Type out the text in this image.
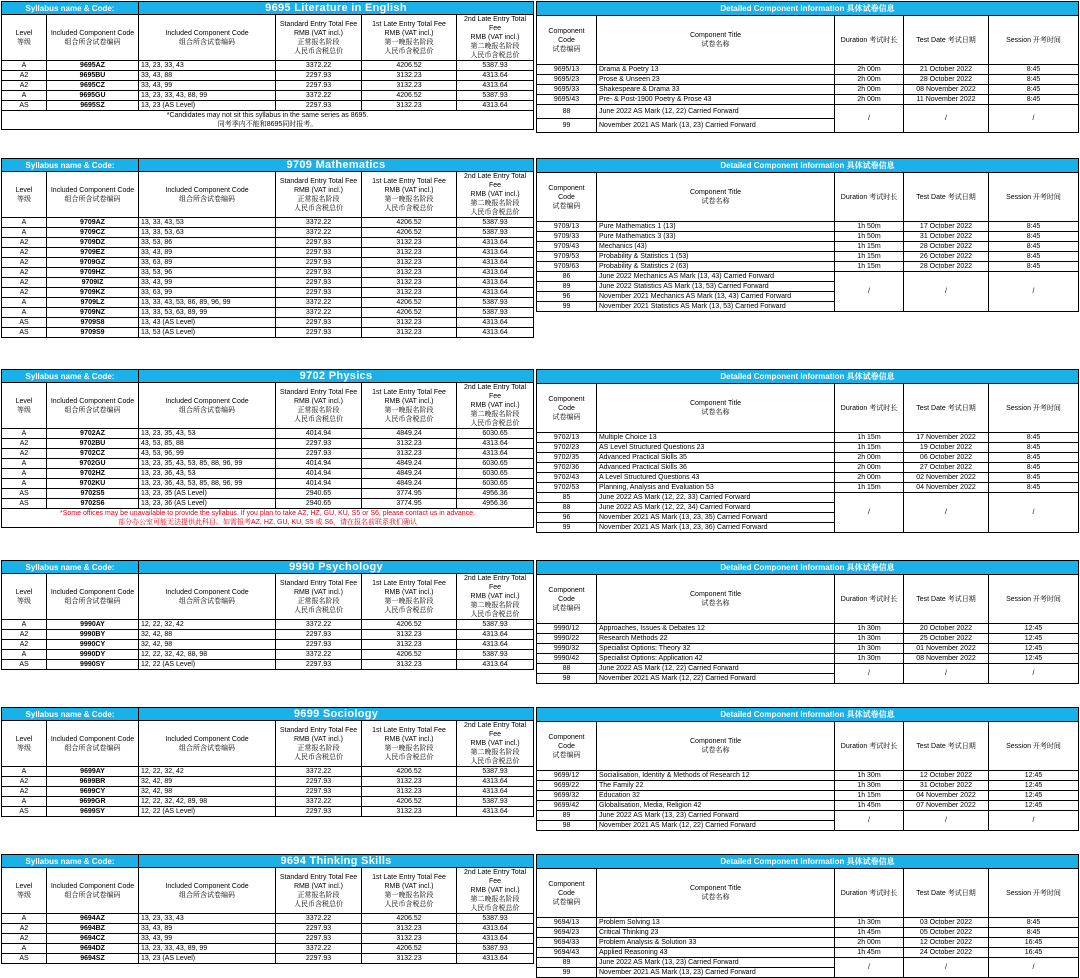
Syllabus name & Code:		9695 Literature in English			
Level
等级	Included Component Code
组合所含试卷编码	Included Component Code
组合所含试卷编码	Standard Entry Total Fee
RMB (VAT incl.)
正常报名阶段
人民币含税总价	1st Late Entry Total Fee
RMB (VAT incl.)
第一晚报名阶段
人民币含税总价	2nd Late Entry Total Fee
RMB (VAT incl.)
第二晚报名阶段
人民币含税总价
A	9695AZ	13, 23, 33, 43	3372.22	4206.52	5387.93
A2	9695BU	33, 43, 88	2297.93	3132.23	4313.64
A2	9695CZ	33, 43, 99	2297.93	3132.23	4313.64
A	9695GU	13, 23, 33, 43, 88, 99	3372.22	4206.52	5387.93
AS	9695SZ	13, 23 (AS Level)	2297.93	3132.23	4313.64
*Candidates may not sit this syllabus in the same series as 8695.					
同考季内不能和8695同时报考。					
Detailed Component Information 具体试卷信息				
Component
Code
试卷编码	Component Title
试卷名称	Duration 考试时长	Test Date 考试日期	Session 开考时间
9695/13	Drama & Poetry 13	2h 00m	21 October 2022	8:45
9695/23	Prose & Unseen 23	2h 00m	28 October 2022	8:45
9695/33	Shakespeare & Drama 33	2h 00m	08 November 2022	8:45
9695/43	Pre- & Post-1900 Poetry & Prose 43	2h 00m	11 November 2022	8:45
88	June 2022 AS Mark (12, 22) Carried Forward	/	/	/
99	November 2021 AS Mark (13, 23) Carried Forward			
Syllabus name & Code:		9709 Mathematics			
Level
等级	Included Component Code
组合所含试卷编码	Included Component Code
组合所含试卷编码	Standard Entry Total Fee
RMB (VAT incl.)
正常报名阶段
人民币含税总价	1st Late Entry Total Fee
RMB (VAT incl.)
第一晚报名阶段
人民币含税总价	2nd Late Entry Total Fee
RMB (VAT incl.)
第二晚报名阶段
人民币含税总价
A	9709AZ	13, 33, 43, 53	3372.22	4206.52	5387.93
A	9709CZ	13, 33, 53, 63	3372.22	4206.52	5387.93
A2	9709DZ	33, 53, 86	2297.93	3132.23	4313.64
A2	9709EZ	33, 43, 89	2297.93	3132.23	4313.64
A2	9709GZ	33, 63, 89	2297.93	3132.23	4313.64
A2	9709HZ	33, 53, 96	2297.93	3132.23	4313.64
A2	9709IZ	33, 43, 99	2297.93	3132.23	4313.64
A2	9709KZ	33, 63, 99	2297.93	3132.23	4313.64
A	9709LZ	13, 33, 43, 53, 86, 89, 96, 99	3372.22	4206.52	5387.93
A	9709NZ	13, 33, 53, 63, 89, 99	3372.22	4206.52	5387.93
AS	9709S8	13, 43 (AS Level)	2297.93	3132.23	4313.64
AS	9709S9	13, 53 (AS Level)	2297.93	3132.23	4313.64
Detailed Component Information 具体试卷信息				
Component
Code
试卷编码	Component Title
试卷名称	Duration 考试时长	Test Date 考试日期	Session 开考时间
9709/13	Pure Mathematics 1 (13)	1h 50m	17 October 2022	8:45
9709/33	Pure Mathematics 3 (33)	1h 50m	31 October 2022	8:45
9709/43	Mechanics (43)	1h 15m	28 October 2022	8:45
9709/53	Probability & Statistics 1 (53)	1h 15m	26 October 2022	8:45
9709/63	Probability & Statistics 2 (63)	1h 15m	28 October 2022	8:45
86	June 2022 Mechanics AS Mark (13, 43) Carried Forward	/	/	/
89	June 2022 Statistics AS Mark (13, 53) Carried Forward			
96	November 2021 Mechanics AS Mark (13, 43) Carried Forward			
99	November 2021 Statistics AS Mark (13, 53) Carried Forward			
Syllabus name & Code:		9702 Physics			
Level
等级	Included Component Code
组合所含试卷编码	Included Component Code
组合所含试卷编码	Standard Entry Total Fee
RMB (VAT incl.)
正常报名阶段
人民币含税总价	1st Late Entry Total Fee
RMB (VAT incl.)
第一晚报名阶段
人民币含税总价	2nd Late Entry Total Fee
RMB (VAT incl.)
第二晚报名阶段
人民币含税总价
A	9702AZ	13, 23, 35, 43, 53	4014.94	4849.24	6030.65
A2	9702BU	43, 53, 85, 88	2297.93	3132.23	4313.64
A2	9702CZ	43, 53, 96, 99	2297.93	3132.23	4313.64
A	9702GU	13, 23, 35, 43, 53, 85, 88, 96, 99	4014.94	4849.24	6030.65
A	9702HZ	13, 23, 36, 43, 53	4014.94	4849.24	6030.65
A	9702KU	13, 23, 36, 43, 53, 85, 88, 96, 99	4014.94	4849.24	6030.65
AS	9702S5	13, 23, 35 (AS Level)	2940.65	3774.95	4956.36
AS	9702S6	13, 23, 36 (AS Level)	2940.65	3774.95	4956.36
*Some offices may be unavailable to provide the syllabus. If you plan to take AZ, HZ, GU, KU, S5 or S6, please contact us in advance.					
部分办公室可能无法提供此科目。如需报考AZ, HZ, GU, KU, S5 或 S6，请在报名前联系我们确认					
Detailed Component Information 具体试卷信息				
Component
Code
试卷编码	Component Title
试卷名称	Duration 考试时长	Test Date 考试日期	Session 开考时间
9702/13	Multiple Choice 13	1h 15m	17 November 2022	8:45
9702/23	AS Level Structured Questions 23	1h 15m	19 October 2022	8:45
9702/35	Advanced Practical Skills 35	2h 00m	06 October 2022	8:45
9702/36	Advanced Practical Skills 36	2h 00m	27 October 2022	8:45
9702/43	A Level Structured Questions 43	2h 00m	02 November 2022	8:45
9702/53	Planning, Analysis and Evaluation 53	1h 15m	04 November 2022	8:45
85	June 2022 AS Mark (12, 22, 33) Carried Forward	/	/	/
88	June 2022 AS Mark (12, 22, 34) Carried Forward			
96	November 2021 AS Mark (13, 23, 35) Carried Forward			
99	November 2021 AS Mark (13, 23, 36) Carried Forward			
Syllabus name & Code:		9990 Psychology			
Level
等级	Included Component Code
组合所含试卷编码	Included Component Code
组合所含试卷编码	Standard Entry Total Fee
RMB (VAT incl.)
正常报名阶段
人民币含税总价	1st Late Entry Total Fee
RMB (VAT incl.)
第一晚报名阶段
人民币含税总价	2nd Late Entry Total Fee
RMB (VAT incl.)
第二晚报名阶段
人民币含税总价
A	9990AY	12, 22, 32, 42	3372.22	4206.52	5387.93
A2	9990BY	32, 42, 88	2297.93	3132.23	4313.64
A2	9990CY	32, 42, 98	2297.93	3132.23	4313.64
A	9990DY	12, 22, 32, 42, 88, 98	3372.22	4206.52	5387.93
AS	9990SY	12, 22 (AS Level)	2297.93	3132.23	4313.64
Detailed Component Information 具体试卷信息				
Component
Code
试卷编码	Component Title
试卷名称	Duration 考试时长	Test Date 考试日期	Session 开考时间
9990/12	Approaches, Issues & Debates 12	1h 30m	20 October 2022	12:45
9990/22	Research Methods 22	1h 30m	25 October 2022	12:45
9990/32	Specialist Options: Theory 32	1h 30m	01 November 2022	12:45
9990/42	Specialist Options: Application 42	1h 30m	08 November 2022	12:45
88	June 2022 AS Mark (12, 22) Carried Forward	/	/	/
98	November 2021 AS Mark (12, 22) Carried Forward			
Syllabus name & Code:		9699 Sociology			
Level
等级	Included Component Code
组合所含试卷编码	Included Component Code
组合所含试卷编码	Standard Entry Total Fee
RMB (VAT incl.)
正常报名阶段
人民币含税总价	1st Late Entry Total Fee
RMB (VAT incl.)
第一晚报名阶段
人民币含税总价	2nd Late Entry Total Fee
RMB (VAT incl.)
第二晚报名阶段
人民币含税总价
A	9699AY	12, 22, 32, 42	3372.22	4206.52	5387.93
A2	9699BR	32, 42, 89	2297.93	3132.23	4313.64
A2	9699CY	32, 42, 98	2297.93	3132.23	4313.64
A	9699GR	12, 22, 32, 42, 89, 98	3372.22	4206.52	5387.93
AS	9699SY	12, 22 (AS Level)	2297.93	3132.23	4313.64
Detailed Component Information 具体试卷信息				
Component
Code
试卷编码	Component Title
试卷名称	Duration 考试时长	Test Date 考试日期	Session 开考时间
9699/12	Socialisation, Identity & Methods of Research 12	1h 30m	12 October 2022	12:45
9699/22	The Family 22	1h 30m	31 October 2022	12:45
9699/32	Education 32	1h 15m	04 November 2022	12:45
9699/42	Globalisation, Media, Religion 42	1h 45m	07 November 2022	12:45
89	June 2022 AS Mark (13, 23) Carried Forward	/	/	/
98	November 2021 AS Mark (12, 22) Carried Forward			
Syllabus name & Code:		9694 Thinking Skills			
Level
等级	Included Component Code
组合所含试卷编码	Included Component Code
组合所含试卷编码	Standard Entry Total Fee
RMB (VAT incl.)
正常报名阶段
人民币含税总价	1st Late Entry Total Fee
RMB (VAT incl.)
第一晚报名阶段
人民币含税总价	2nd Late Entry Total Fee
RMB (VAT incl.)
第二晚报名阶段
人民币含税总价
A	9694AZ	13, 23, 33, 43	3372.22	4206.52	5387.93
A2	9694BZ	33, 43, 89	2297.93	3132.23	4313.64
A2	9694CZ	33, 43, 99	2297.93	3132.23	4313.64
A	9694DZ	13, 23, 33, 43, 89, 99	3372.22	4206.52	5387.93
AS	9694SZ	13, 23 (AS Level)	2297.93	3132.23	4313.64
Detailed Component Information 具体试卷信息				
Component
Code
试卷编码	Component Title
试卷名称	Duration 考试时长	Test Date 考试日期	Session 开考时间
9694/13	Problem Solving 13	1h 30m	03 October 2022	8:45
9694/23	Critical Thinking 23	1h 45m	05 October 2022	8:45
9694/33	Problem Analysis & Solution 33	2h 00m	12 October 2022	16:45
9694/43	Applied Reasoning 43	1h 45m	24 October 2022	16:45
89	June 2022 AS Mark (13, 23) Carried Forward	/	/	/
99	November 2021 AS Mark (13, 23) Carried Forward			
